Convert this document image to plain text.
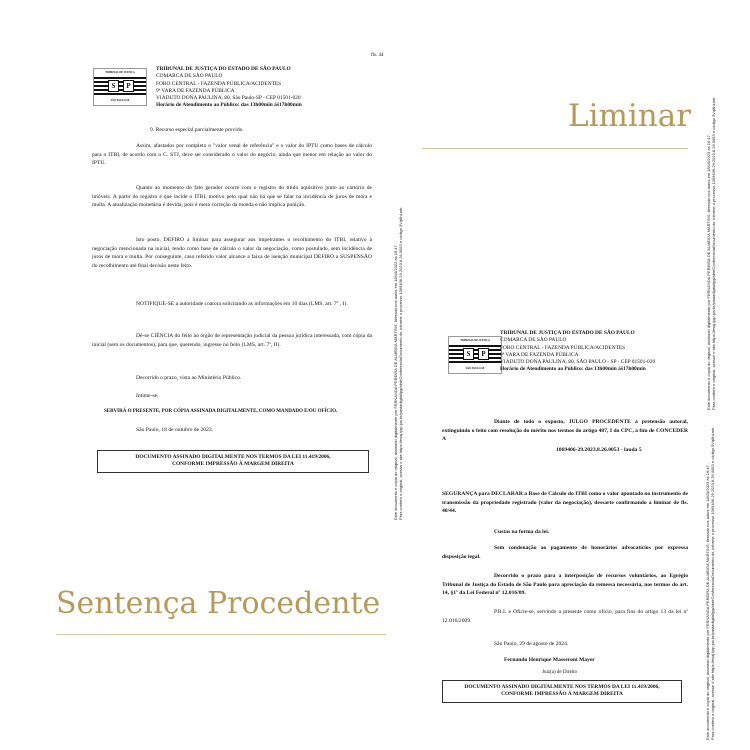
Liminar
Sentença Procedente
fls. 44
TRIBUNAL DE JUSTIÇA
S	P
SÃO PAULO-SP
TRIBUNAL DE JUSTIÇA DO ESTADO DE SÃO PAULO
COMARCA DE SÃO PAULO
FORO CENTRAL - FAZENDA PÚBLICA/ACIDENTES
9ª VARA DE FAZENDA PÚBLICA
VIADUTO DONA PAULINA, 80, São Paulo-SP - CEP 01501-020
Horário de Atendimento ao Público: das 13h00min àš17h00min
9. Recurso especial parcialmente provido.
Assim, afastados por completo o "valor venal de referência" e o valor do IPTU como bases de cálculo para o ITBI, de acordo com o C. STJ, deve ser considerado o valor do negócio, ainda que menor em relação ao valor do IPTU.
Quanto ao momento do fato gerador ocorre com o registro do título aquisitivo junto ao cartório de imóveis. A partir do registro é que incide o ITBI, motivo pelo qual não há que se falar na incidência de juros de mora e multa. A atualização monetária é devida, pois é mera correção da moeda e não implica punição.
Isto posto, DEFIRO a liminar para assegurar aos impetrantes o recolhimento do ITBI, relativo à negociação mencionada na inicial, tendo como base de cálculo o valor da negociação, como postulado, sem incidência de juros de mora e multa. Por conseguinte, caso referido valor alcance a faixa de isenção municipal DEFIRO a SUSPENSÃO do recolhimento até final decisão neste feito.
NOTIFIQUE-SE a autoridade coatora solicitando as informações em 10 dias (LMS, art. 7º , I).
Dê-se CIÊNCIA do feito ao órgão de representação judicial da pessoa jurídica interessada, com cópia da inicial (sem os documentos), para que, querendo, ingresse no feito (LMS, art. 7º, II).
Decorrido o prazo, vista ao Ministério Público.
Intime-se.
SERVIRÁ O PRESENTE, POR CÓPIA ASSINADA DIGITALMENTE, COMO MANDADO E/OU OFÍCIO.
São Paulo, 18 de outubro de 2023.
DOCUMENTO ASSINADO DIGITALMENTE NOS TERMOS DA LEI 11.419/2006,
CONFORME IMPRESSÃO À MARGEM DIREITA	Este documento é cópia do original, assinado digitalmente por FERNANDA PEREIRA DE ALMEIDA MARTINS, liberado nos autos em 18/10/2023 às 16:47 . Para conferir o original, acesse o site https://esaj.tjsp.jus.br/pastadigital/pg/abrirConferenciaDocumento.do, informe o processo 1069406-29.2023.8.26.0053 e código 5Vq8hLmb.	TRIBUNAL DE JUSTIÇA
S	P
SÃO PAULO-SP
TRIBUNAL DE JUSTIÇA DO ESTADO DE SÃO PAULO
COMARCA DE SÃO PAULO
FORO CENTRAL - FAZENDA PÚBLICA/ACIDENTES
9ª VARA DE FAZENDA PÚBLICA
VIADUTO DONA PAULINA, 80, SÃO PAULO - SP - CEP 01501-020
Horário de Atendimento ao Público: das 13h00min àš17h00min
Diante de todo o exposto, JULGO PROCEDENTE a pretensão autoral, extinguindo o feito com resolução do mérito nos termos do artigo 487, I do CPC, a fim de CONCEDER A
1069406-29.2023.8.26.0053 - lauda 5
SEGURANÇA para DECLARAR a Base de Cálculo do ITBI como o valor apontado no instrumento de transmissão da propriedade registrado (valor da negociação), dessarte confirmando a liminar de fls. 40/44.
Custas na forma da lei.
Sem condenação ao pagamento de honorários advocatícios por expressa disposição legal.
Decorrido o prazo para a interposição de recursos voluntários, ao Egrégio Tribunal de Justiça do Estado de São Paulo para apreciação da remessa necessária, nos termos do art. 14, §1º da Lei Federal nº 12.016/09.
P.R.I. e Ofície-se, servindo a presente como ofício, para fins do artigo 13 da lei nº 12.016/2009.
São Paulo, 29 de agosto de 2024.
Fernando Henrique Masseroni Mayer
Juiz(a) de Direito
DOCUMENTO ASSINADO DIGITALMENTE NOS TERMOS DA LEI 11.419/2006,
CONFORME IMPRESSÃO À MARGEM DIREITA
Este documento é cópia do original, assinado digitalmente por FERNANDA PEREIRA DE ALMEIDA MARTINS, liberado nos autos em 18/10/2023 às 16:47 . Para conferir o original, acesse o site https://esaj.tjsp.jus.br/pastadigital/pg/abrirConferenciaDocumento.do, informe o processo 1069406-29.2023.8.26.0053 e código 5Vq8hLmb.
Este documento é cópia do original, assinado digitalmente por FERNANDA PEREIRA DE ALMEIDA MARTINS, liberado nos autos em 18/10/2023 às 16:47 . Para conferir o original, acesse o site https://esaj.tjsp.jus.br/pastadigital/pg/abrirConferenciaDocumento.do, informe o processo 1069406-29.2023.8.26.0053 e código 5Vq8hLmb.
